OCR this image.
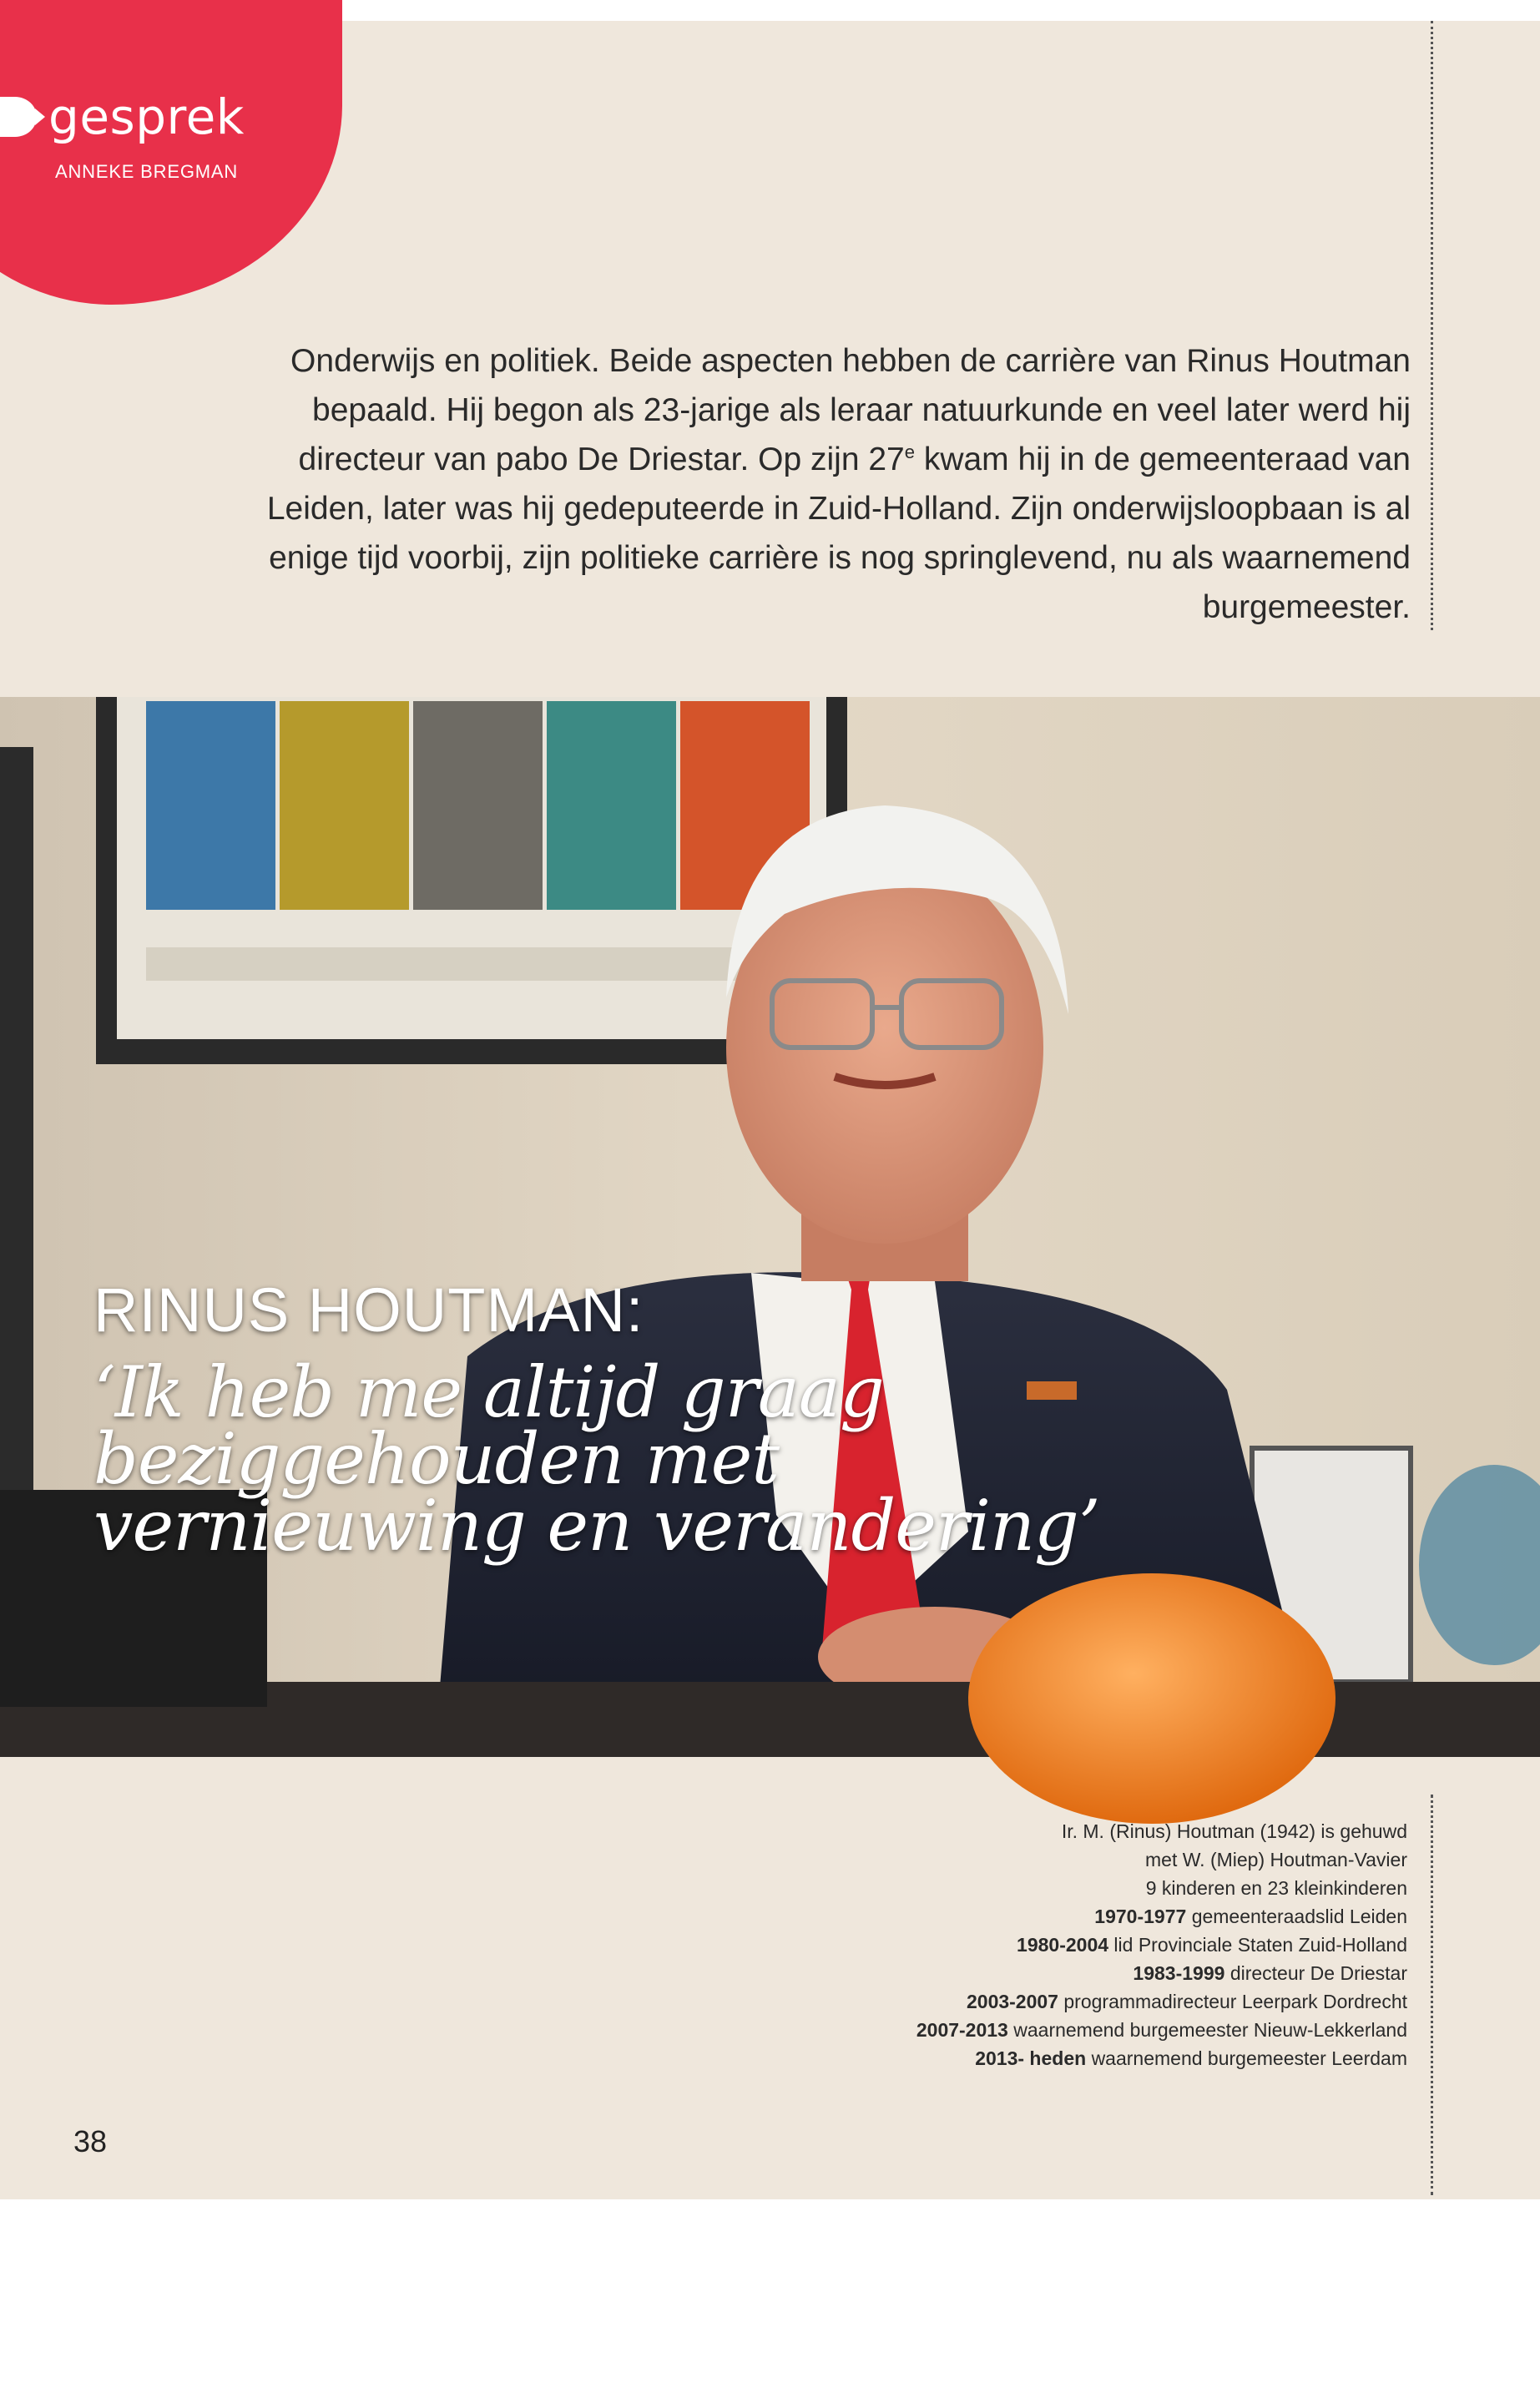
gesprek
ANNEKE BREGMAN
Onderwijs en politiek. Beide aspecten hebben de carrière van Rinus Houtman bepaald. Hij begon als 23-jarige als leraar natuurkunde en veel later werd hij directeur van pabo De Driestar. Op zijn 27e kwam hij in de gemeenteraad van Leiden, later was hij gedeputeerde in Zuid-Holland. Zijn onderwijsloopbaan is al enige tijd voorbij, zijn politieke carrière is nog springlevend, nu als waarnemend burgemeester.
Foto: DBRN fotografie
RINUS HOUTMAN:
‘Ik heb me altijd graag
beziggehouden met
vernieuwing en verandering’
Ir. M. (Rinus) Houtman (1942) is gehuwd
met W. (Miep) Houtman-Vavier
9 kinderen en 23 kleinkinderen
1970-1977 gemeenteraadslid Leiden
1980-2004 lid Provinciale Staten Zuid-Holland
1983-1999 directeur De Driestar
2003-2007 programmadirecteur Leerpark Dordrecht
2007-2013 waarnemend burgemeester Nieuw-Lekkerland
2013- heden waarnemend burgemeester Leerdam
38
